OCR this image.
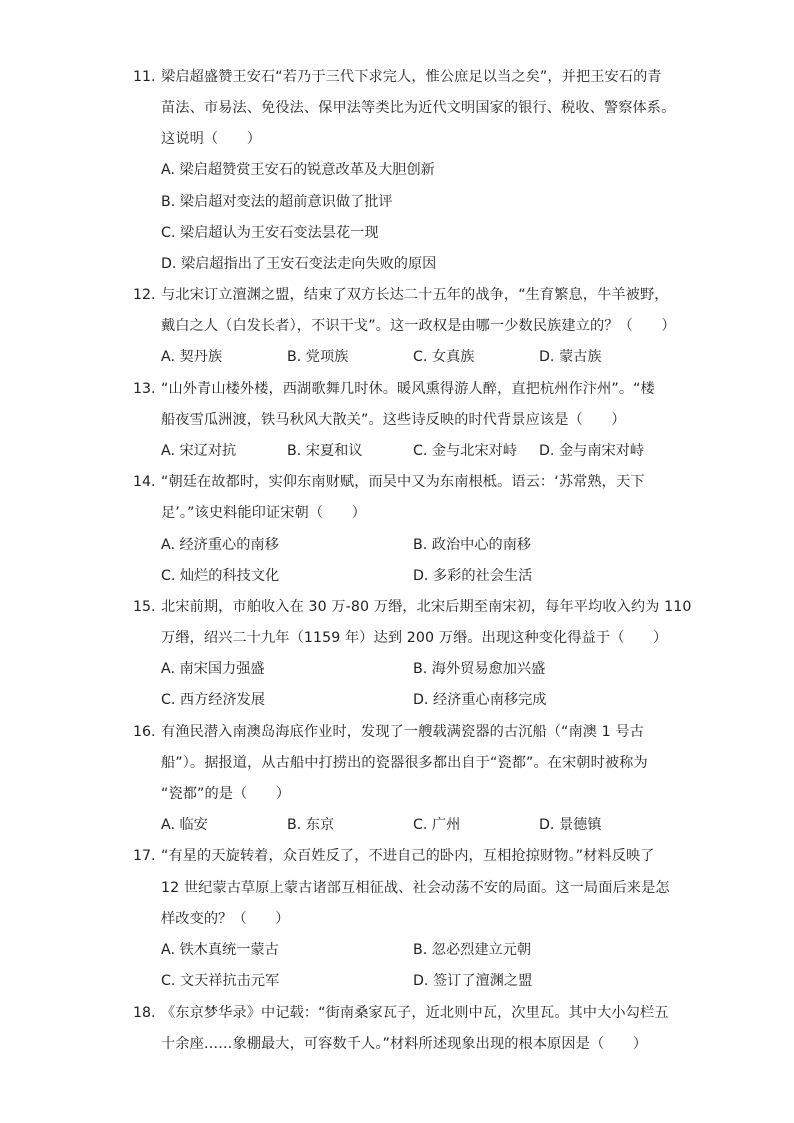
11. 梁启超盛赞王安石“若乃于三代下求完人，惟公庶足以当之矣”，并把王安石的青
苗法、市易法、免役法、保甲法等类比为近代文明国家的银行、税收、警察体系。
这说明（　　）
A. 梁启超赞赏王安石的锐意改革及大胆创新
B. 梁启超对变法的超前意识做了批评
C. 梁启超认为王安石变法昙花一现
D. 梁启超指出了王安石变法走向失败的原因
12. 与北宋订立澶渊之盟，结束了双方长达二十五年的战争，“生育繁息，牛羊被野，
戴白之人（白发长者），不识干戈”。这一政权是由哪一少数民族建立的？（　　）
A. 契丹族	B. 党项族	C. 女真族	D. 蒙古族
13. “山外青山楼外楼，西湖歌舞几时休。暖风熏得游人醉，直把杭州作汴州”。“楼
船夜雪瓜洲渡，铁马秋风大散关”。这些诗反映的时代背景应该是（　　）
A. 宋辽对抗	B. 宋夏和议	C. 金与北宋对峙 D. 金与南宋对峙
14. “朝廷在故都时，实仰东南财赋，而吴中又为东南根柢。语云：‘苏常熟，天下
足’。”该史料能印证宋朝（　　）
A. 经济重心的南移	B. 政治中心的南移
C. 灿烂的科技文化	D. 多彩的社会生活
15. 北宋前期，市舶收入在 30 万-80 万缗，北宋后期至南宋初，每年平均收入约为 110
万缗，绍兴二十九年（1159 年）达到 200 万缗。出现这种变化得益于（　　）
A. 南宋国力强盛	B. 海外贸易愈加兴盛
C. 西方经济发展	D. 经济重心南移完成
16. 有渔民潜入南澳岛海底作业时，发现了一艘载满瓷器的古沉船（“南澳 1 号古
船”）。据报道，从古船中打捞出的瓷器很多都出自于“瓷都”。在宋朝时被称为
“瓷都”的是（　　）
A. 临安	B. 东京	C. 广州	D. 景德镇
17. “有星的天旋转着，众百姓反了，不进自己的卧内，互相抢掠财物。”材料反映了
12 世纪蒙古草原上蒙古诸部互相征战、社会动荡不安的局面。这一局面后来是怎
样改变的？（　　）
A. 铁木真统一蒙古	B. 忽必烈建立元朝
C. 文天祥抗击元军	D. 签订了澶渊之盟
18. 《东京梦华录》中记载：“街南桑家瓦子，近北则中瓦，次里瓦。其中大小勾栏五
十余座……象棚最大，可容数千人。”材料所述现象出现的根本原因是（　　）
